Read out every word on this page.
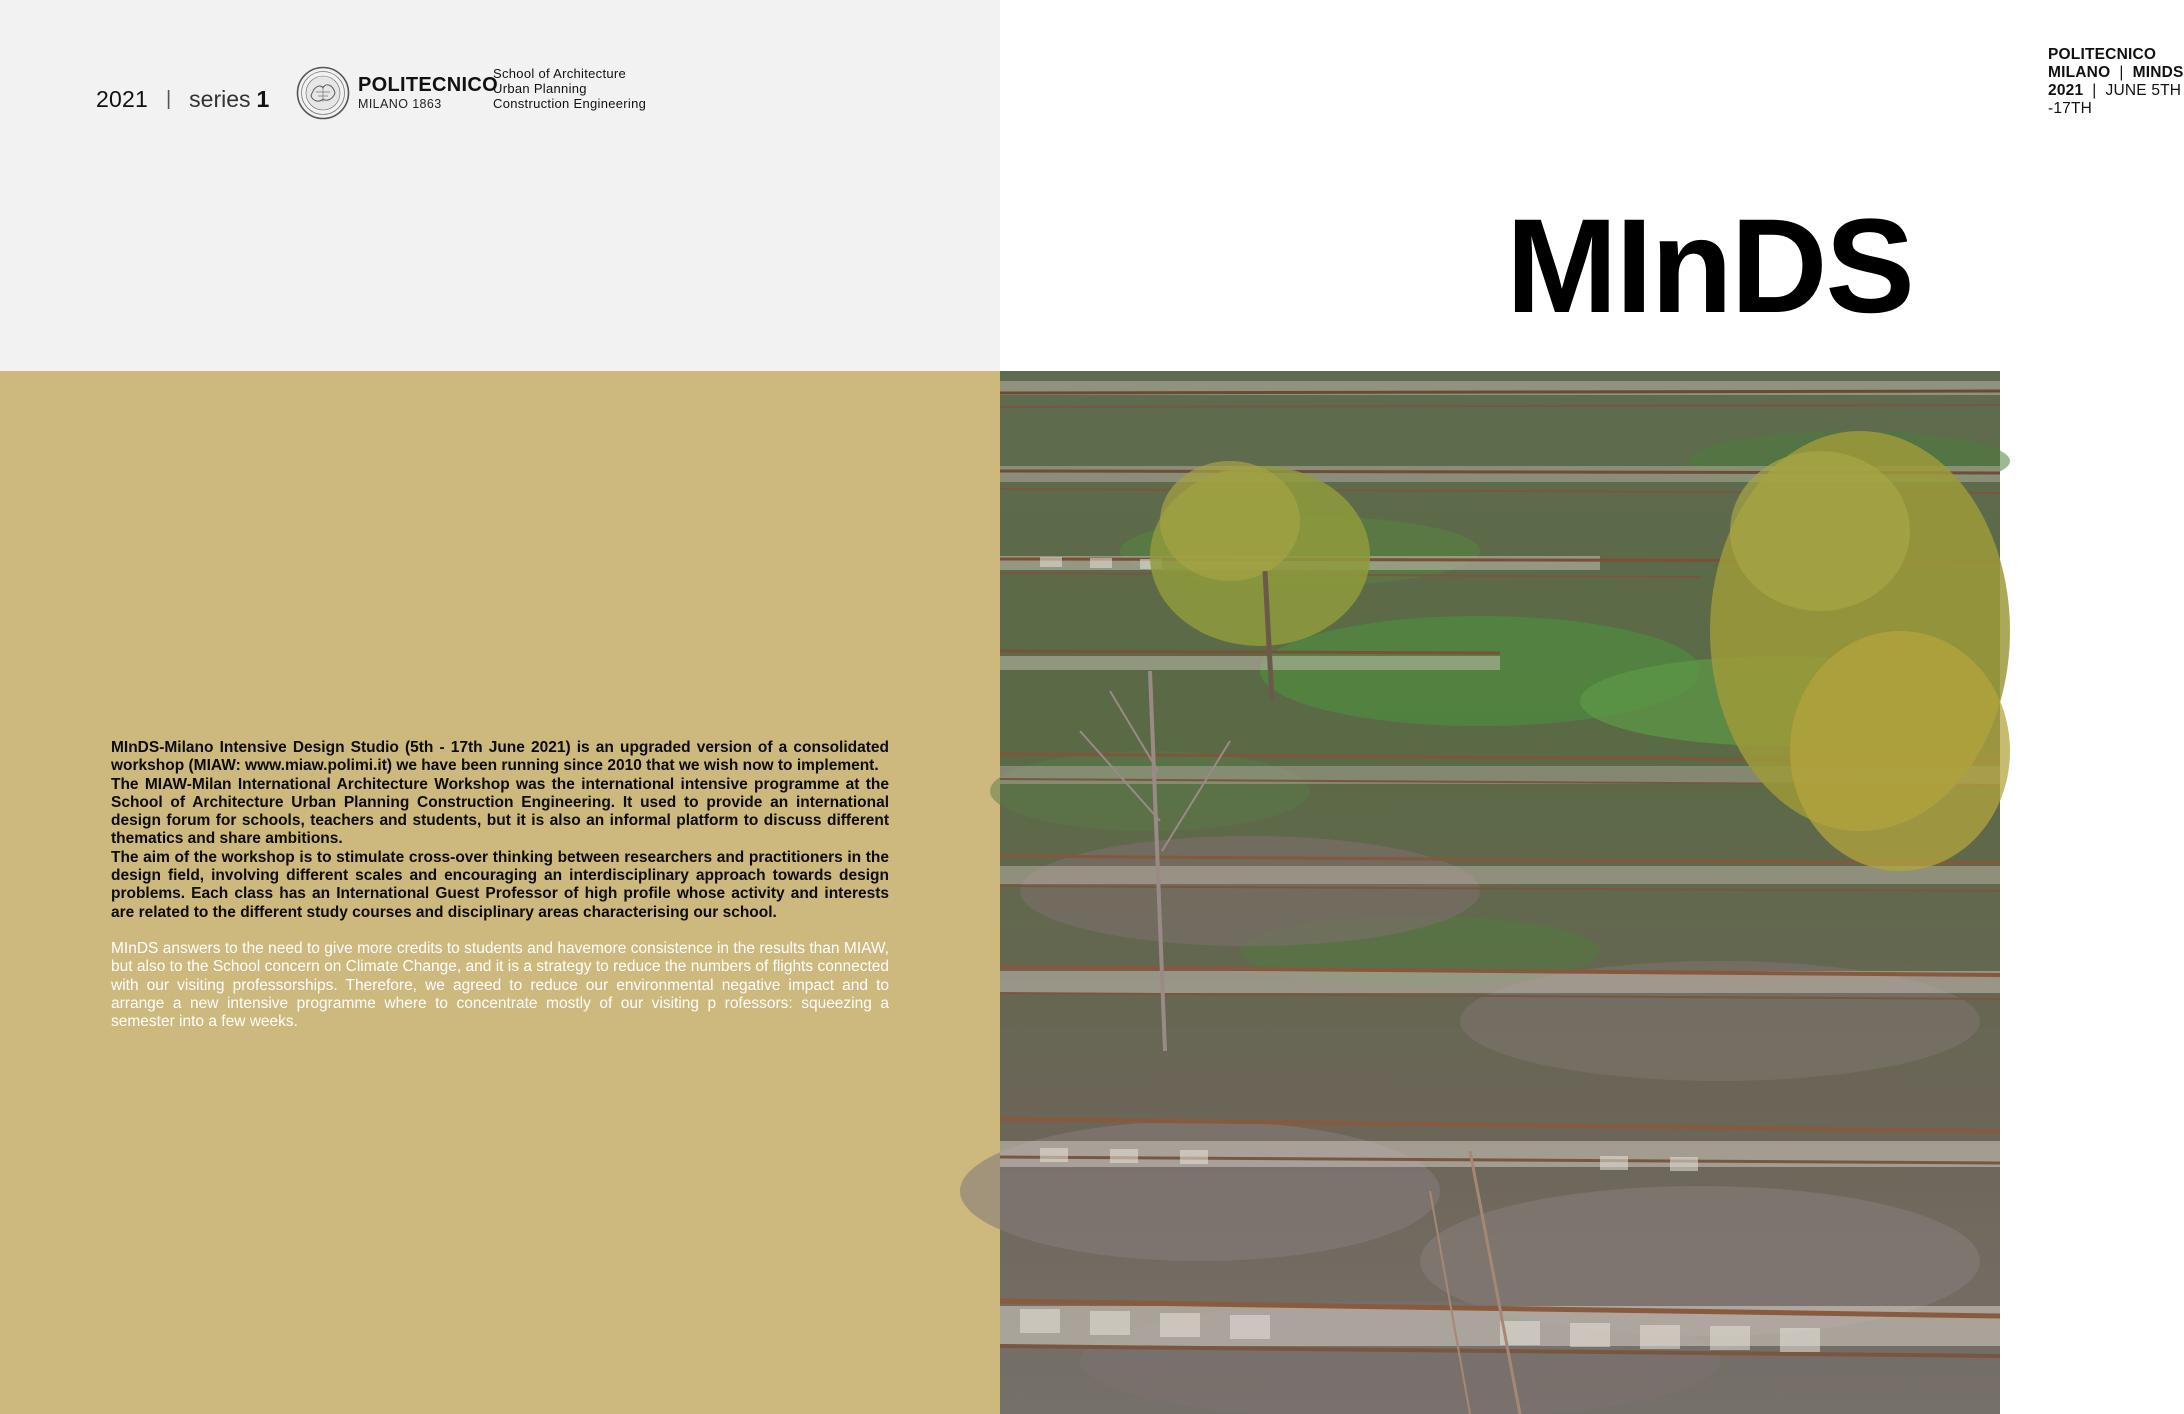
2021 | series 1
POLITECNICO
MILANO 1863
School of Architecture
Urban Planning
Construction Engineering

MInDS-Milano Intensive Design Studio (5th - 17th June 2021) is an upgraded version of a consolidated workshop (MIAW: www.miaw.polimi.it) we have been running since 2010 that we wish now to implement.

The MIAW-Milan International Architecture Workshop was the international intensive programme at the School of Architecture Urban Planning Construction Engineering. It used to provide an international design forum for schools, teachers and students, but it is also an informal platform to discuss different thematics and share ambitions.

The aim of the workshop is to stimulate cross-over thinking between researchers and practitioners in the design field, involving different scales and encouraging an interdisciplinary approach towards design problems. Each class has an International Guest Professor of high profile whose activity and interests are related to the different study courses and disciplinary areas characterising our school.

MInDS answers to the need to give more credits to students and havemore consistence in the results than MIAW, but also to the School concern on Climate Change, and it is a strategy to reduce the numbers of flights connected with our visiting professorships. Therefore, we agreed to reduce our environmental negative impact and to arrange a new intensive programme where to concentrate mostly of our visiting p rofessors: squeezing a semester into a few weeks.

POLITECNICO MILANO | MINDS 2021 | JUNE 5TH -17TH
MInDS
